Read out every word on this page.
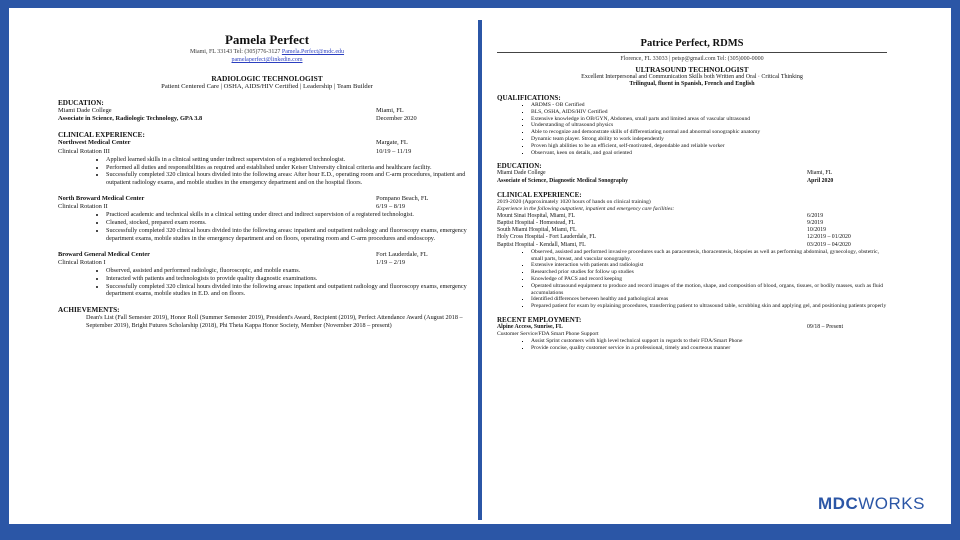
Pamela Perfect
Miami, FL 33143 Tel: (305)776-3127 Pamela.Perfect@mdc.edu
pamelaperfect@linkedin.com
RADIOLOGIC TECHNOLOGIST
Patient Centered Care | OSHA, AIDS/HIV Certified | Leadership | Team Builder
EDUCATION:
Miami Dade College	Miami, FL
Associate in Science, Radiologic Technology, GPA 3.8	December 2020
CLINICAL EXPERIENCE:
Northwest Medical Center	Margate, FL
Clinical Rotation III	10/19 – 11/19
• Applied learned skills in a clinical setting under indirect supervision of a registered technologist.
• Performed all duties and responsibilities as required and established under Keiser University clinical criteria and healthcare facility.
• Successfully completed 320 clinical hours divided into the following areas: After hour E.D., operating room and C-arm procedures, inpatient and outpatient radiology exams, and mobile studies in the emergency department and on the hospital floors.
North Broward Medical Center	Pompano Beach, FL
Clinical Rotation II	6/19 – 8/19
• Practiced academic and technical skills in a clinical setting under direct and indirect supervision of a registered technologist.
• Cleaned, stocked, prepared exam rooms.
• Successfully completed 320 clinical hours divided into the following areas: inpatient and outpatient radiology and fluoroscopy exams, emergency department exams, mobile studies in the emergency department and on floors, operating room and C-arm procedures and endoscopy.
Broward General Medical Center	Fort Lauderdale, FL
Clinical Rotation I	1/19 – 2/19
• Observed, assisted and performed radiologic, fluoroscopic, and mobile exams.
• Interacted with patients and technologists to provide quality diagnostic examinations.
• Successfully completed 320 clinical hours divided into the following areas: inpatient and outpatient radiology and fluoroscopy exams, emergency department exams, mobile studies in E.D. and on floors.
ACHIEVEMENTS:
Dean's List (Fall Semester 2019), Honor Roll (Summer Semester 2019), President's Award, Recipient (2019), Perfect Attendance Award (August 2018 – September 2019), Bright Futures Scholarship (2018), Phi Theta Kappa Honor Society, Member (November 2018 – present)
Patrice Perfect, RDMS
Florence, FL 33033 | petsp@gmail.com Tel: (305)000-0000
ULTRASOUND TECHNOLOGIST
Excellent Interpersonal and Communication Skills both Written and Oral · Critical Thinking
Trilingual, fluent in Spanish, French and English
QUALIFICATIONS:
▪ ARDMS - OB Certified
▪ BLS, OSHA, AIDS/HIV Certified
▪ Extensive knowledge in OB/GYN, Abdomen, small parts and limited areas of vascular ultrasound
▪ Understanding of ultrasound physics
▪ Able to recognize and demonstrate skills of differentiating normal and abnormal sonographic anatomy
▪ Dynamic team player. Strong ability to work independently
▪ Proven high abilities to be an efficient, self-motivated, dependable and reliable worker
▪ Observant, keen on details, and goal oriented
EDUCATION:
Miami Dade College	Miami, FL
Associate of Science, Diagnostic Medical Sonography	April 2020
CLINICAL EXPERIENCE:
2019-2020 (Approximately 1020 hours of hands on clinical training)
Experience in the following outpatient, inpatient and emergency care facilities:
Mount Sinai Hospital, Miami, FL	6/2019
Baptist Hospital - Homestead, FL	9/2019
South Miami Hospital, Miami, FL	10/2019
Holy Cross Hospital - Fort Lauderdale, FL	12/2019 – 01/2020
Baptist Hospital - Kendall, Miami, FL	03/2019 – 04/2020
▪ Observed, assisted and performed invasive procedures such as paracentesis, thoracentesis, biopsies as well as performing abdominal, gynecology, obstetric, small parts, breast, and vascular sonography.
▪ Extensive interaction with patients and radiologist
▪ Researched prior studies for follow up studies
▪ Knowledge of PACS and record keeping
▪ Operated ultrasound equipment to produce and record images of the motion, shape, and composition of blood, organs, tissues, or bodily masses, such as fluid accumulations
▪ Identified differences between healthy and pathological areas
▪ Prepared patient for exam by explaining procedures, transferring patient to ultrasound table, scrubbing skin and applying gel, and positioning patients properly
RECENT EMPLOYMENT:
Alpine Access, Sunrise, FL	09/18 – Present
Customer Service/FDA Smart Phone Support
▪ Assist Sprint customers with high level technical support in regards to their FDA/Smart Phone
▪ Provide concise, quality customer service in a professional, timely and courteous manner
MDCWORKS
